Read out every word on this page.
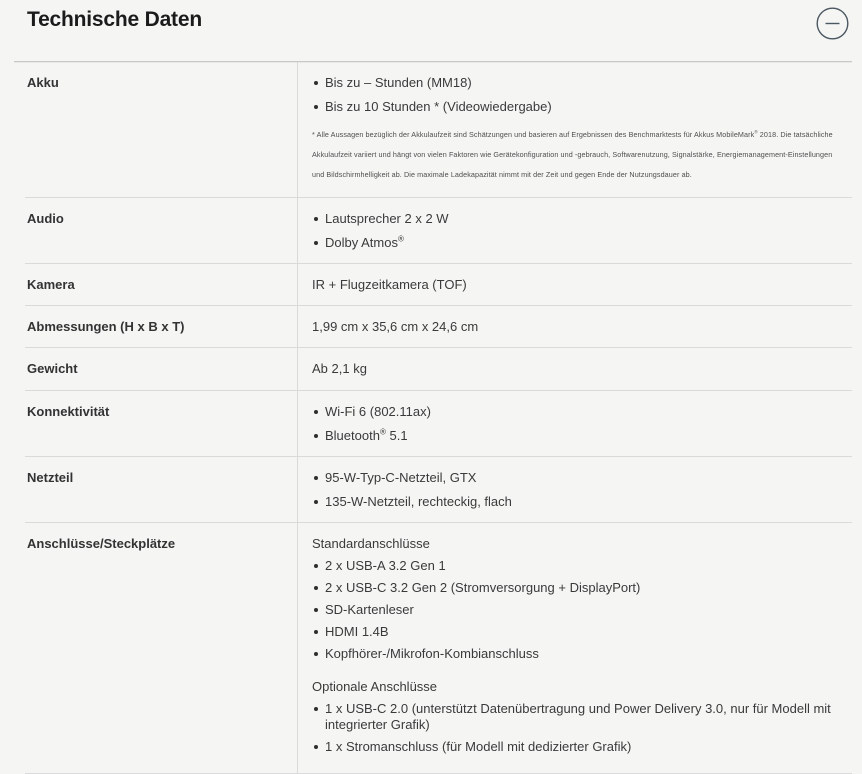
Technische Daten
Akku	Bis zu – Stunden (MM18)
Bis zu 10 Stunden * (Videowiedergabe)
* Alle Aussagen bezüglich der Akkulaufzeit sind Schätzungen und basieren auf Ergebnissen des Benchmarktests für Akkus MobileMark® 2018. Die tatsächliche Akkulaufzeit variiert und hängt von vielen Faktoren wie Gerätekonfiguration und -gebrauch, Softwarenutzung, Signalstärke, Energiemanagement-Einstellungen und Bildschirmhelligkeit ab. Die maximale Ladekapazität nimmt mit der Zeit und gegen Ende der Nutzungsdauer ab.
Audio	Lautsprecher 2 x 2 W
Dolby Atmos®
Kamera	IR + Flugzeitkamera (TOF)
Abmessungen (H x B x T)	1,99 cm x 35,6 cm x 24,6 cm
Gewicht	Ab 2,1 kg
Konnektivität	Wi-Fi 6 (802.11ax)
Bluetooth® 5.1
Netzteil	95-W-Typ-C-Netzteil, GTX
135-W-Netzteil, rechteckig, flach
Anschlüsse/Steckplätze	Standardanschlüsse
2 x USB-A 3.2 Gen 1
2 x USB-C 3.2 Gen 2 (Stromversorgung + DisplayPort)
SD-Kartenleser
HDMI 1.4B
Kopfhörer-/Mikrofon-Kombianschluss
Optionale Anschlüsse
1 x USB-C 2.0 (unterstützt Datenübertragung und Power Delivery 3.0, nur für Modell mit integrierter Grafik)
1 x Stromanschluss (für Modell mit dedizierter Grafik)
